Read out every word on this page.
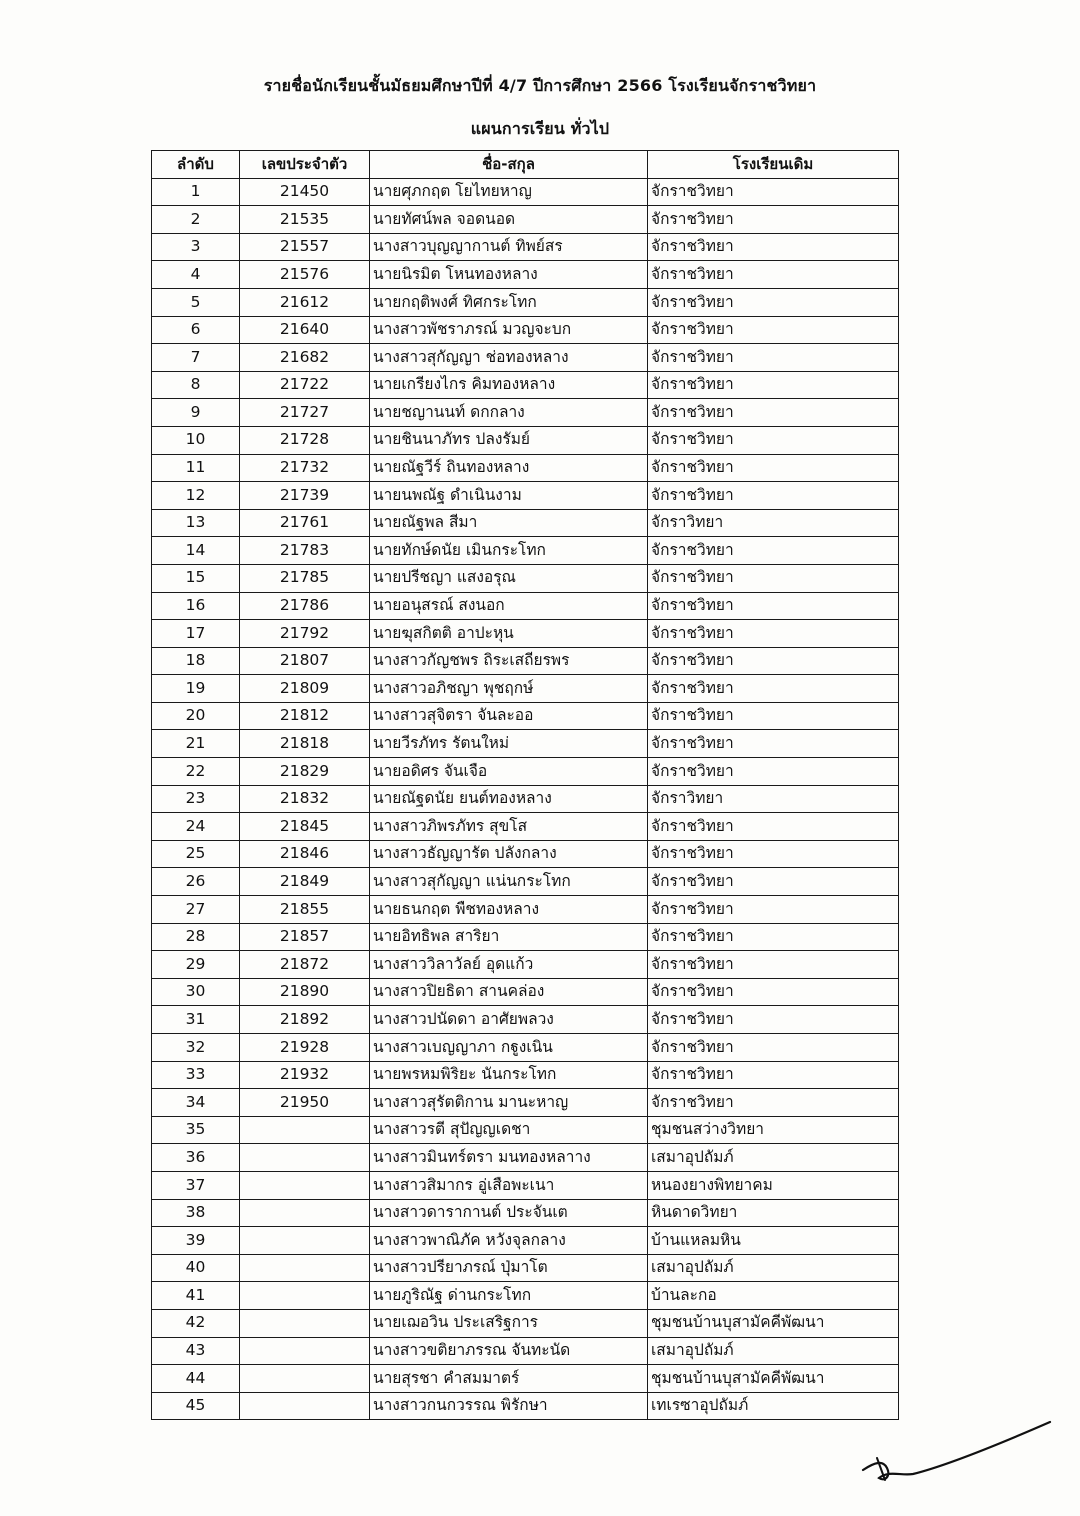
รายชื่อนักเรียนชั้นมัธยมศึกษาปีที่ 4/7 ปีการศึกษา 2566 โรงเรียนจักราชวิทยา
แผนการเรียน ทั่วไป
ลำดับ	เลขประจำตัว	ชื่อ-สกุล	โรงเรียนเดิม
1	21450	นายศุภกฤต โยไทยหาญ	จักราชวิทยา
2	21535	นายทัศน์พล จอดนอด	จักราชวิทยา
3	21557	นางสาวบุญญากานต์ ทิพย์สร	จักราชวิทยา
4	21576	นายนิรมิต โหนทองหลาง	จักราชวิทยา
5	21612	นายกฤติพงศ์ ทิศกระโทก	จักราชวิทยา
6	21640	นางสาวพัชราภรณ์ มวญจะบก	จักราชวิทยา
7	21682	นางสาวสุกัญญา ช่อทองหลาง	จักราชวิทยา
8	21722	นายเกรียงไกร คิมทองหลาง	จักราชวิทยา
9	21727	นายชญานนท์ ดกกลาง	จักราชวิทยา
10	21728	นายชินนาภัทร ปลงรัมย์	จักราชวิทยา
11	21732	นายณัฐวีร์ ถินทองหลาง	จักราชวิทยา
12	21739	นายนพณัฐ ดำเนินงาม	จักราชวิทยา
13	21761	นายณัฐพล สีมา	จักราวิทยา
14	21783	นายทักษ์ดนัย เมินกระโทก	จักราชวิทยา
15	21785	นายปรีชญา แสงอรุณ	จักราชวิทยา
16	21786	นายอนุสรณ์ สงนอก	จักราชวิทยา
17	21792	นายฆุสกิตติ อาปะหุน	จักราชวิทยา
18	21807	นางสาวกัญชพร ถิระเสถียรพร	จักราชวิทยา
19	21809	นางสาวอภิชญา พุชฤกษ์	จักราชวิทยา
20	21812	นางสาวสุจิตรา จันละออ	จักราชวิทยา
21	21818	นายวีรภัทร รัตนใหม่	จักราชวิทยา
22	21829	นายอดิศร จันเจือ	จักราชวิทยา
23	21832	นายณัฐดนัย ยนต์ทองหลาง	จักราวิทยา
24	21845	นางสาวภิพรภัทร สุขโส	จักราชวิทยา
25	21846	นางสาวธัญญารัต ปลังกลาง	จักราชวิทยา
26	21849	นางสาวสุกัญญา แน่นกระโทก	จักราชวิทยา
27	21855	นายธนกฤต พืชทองหลาง	จักราชวิทยา
28	21857	นายอิทธิพล สาริยา	จักราชวิทยา
29	21872	นางสาววิลาวัลย์ อุดแก้ว	จักราชวิทยา
30	21890	นางสาวปิยธิดา สานคล่อง	จักราชวิทยา
31	21892	นางสาวปนัดดา อาศัยพลวง	จักราชวิทยา
32	21928	นางสาวเบญญาภา กฐูงเนิน	จักราชวิทยา
33	21932	นายพรหมพิริยะ นันกระโทก	จักราชวิทยา
34	21950	นางสาวสุรัตติกาน มานะหาญ	จักราชวิทยา
35		นางสาวรตี สุปัญญเดชา	ชุมชนสว่างวิทยา
36		นางสาวมินทร์ตรา มนทองหลาาง	เสมาอุปถัมภ์
37		นางสาวสิมากร อู่เสือพะเนา	หนองยางพิทยาคม
38		นางสาวดารากานต์ ประจันเต	หินดาดวิทยา
39		นางสาวพาณิภัค หวังจุลกลาง	บ้านแหลมหิน
40		นางสาวปรียาภรณ์ ปุ่มาโต	เสมาอุปถัมภ์
41		นายภูริณัฐ ด่านกระโทก	บ้านละกอ
42		นายเฌอวิน ประเสริฐการ	ชุมชนบ้านบุสามัคคีพัฒนา
43		นางสาวขติยาภรรณ จันทะนัด	เสมาอุปถัมภ์
44		นายสุรชา คำสมมาตร์	ชุมชนบ้านบุสามัคคีพัฒนา
45		นางสาวกนกวรรณ พิรักษา	เทเรซาอุปถัมภ์
